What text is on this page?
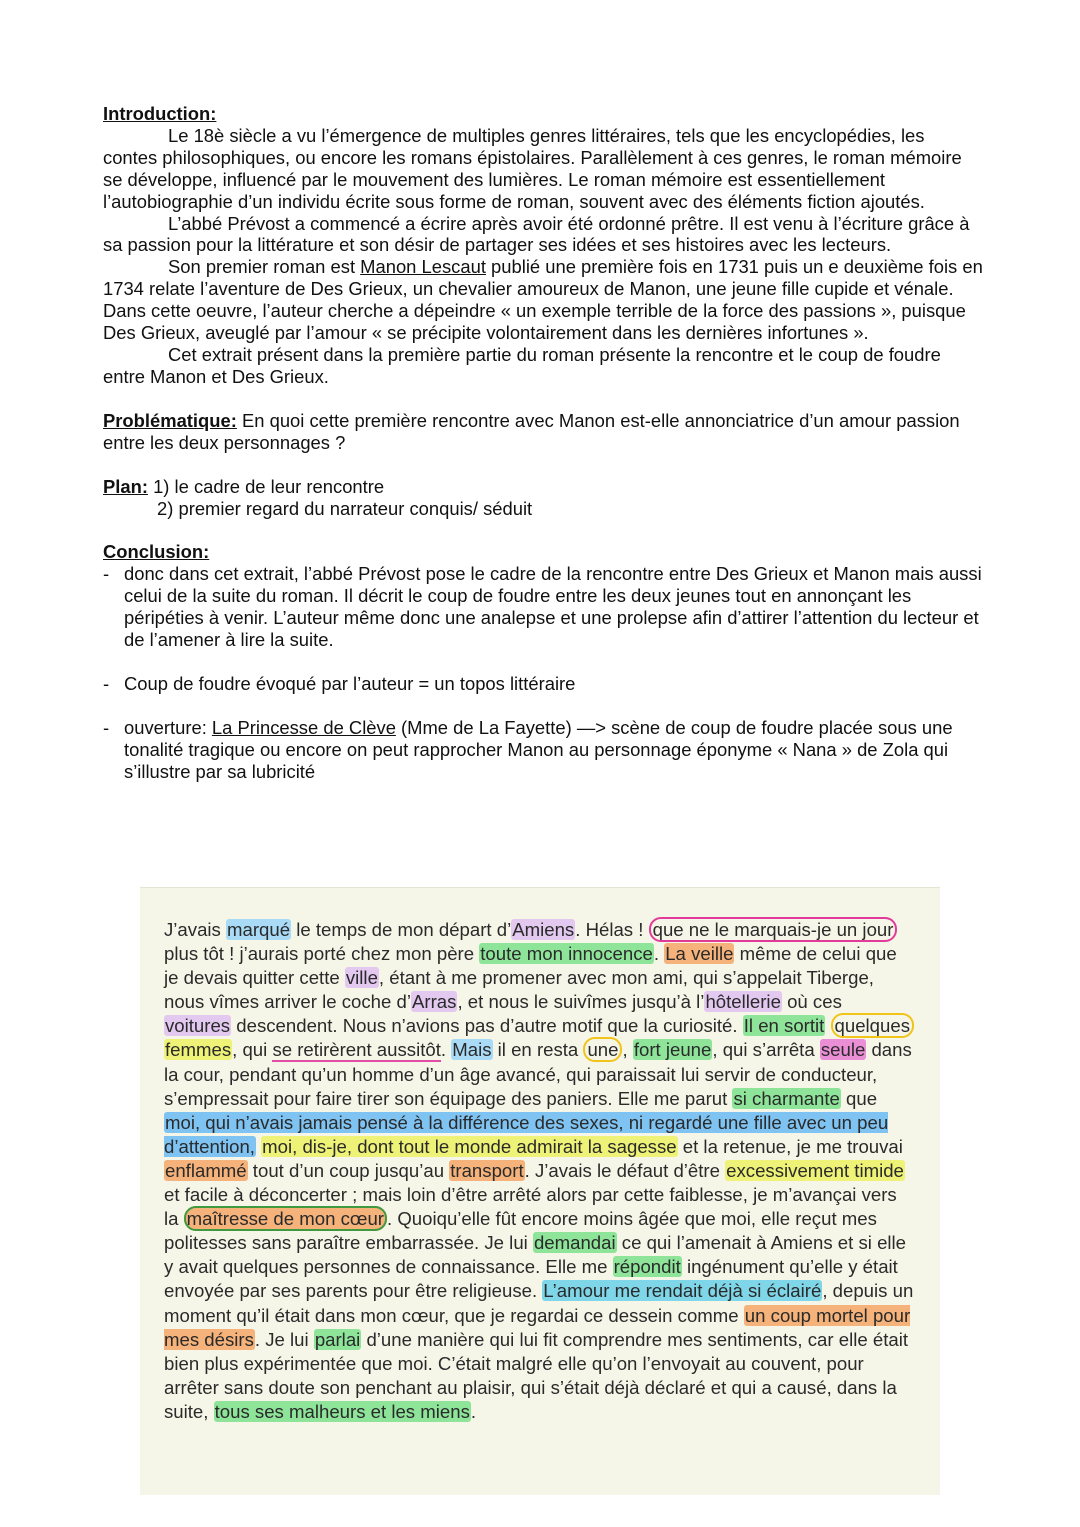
Introduction:

Le 18è siècle a vu l’émergence de multiples genres littéraires, tels que les encyclopédies, les contes philosophiques, ou encore les romans épistolaires. Parallèlement à ces genres, le roman mémoire se développe, influencé par le mouvement des lumières. Le roman mémoire est essentiellement l’autobiographie d’un individu écrite sous forme de roman, souvent avec des éléments fiction ajoutés.

L’abbé Prévost a commencé a écrire après avoir été ordonné prêtre. Il est venu à l’écriture grâce à sa passion pour la littérature et son désir de partager ses idées et ses histoires avec les lecteurs.

Son premier roman est Manon Lescaut publié une première fois en 1731 puis un e deuxième fois en 1734 relate l’aventure de Des Grieux, un chevalier amoureux de Manon, une jeune fille cupide et vénale. Dans cette oeuvre, l’auteur cherche a dépeindre « un exemple terrible de la force des passions », puisque Des Grieux, aveuglé par l’amour « se précipite volontairement dans les dernières infortunes ».

Cet extrait présent dans la première partie du roman présente la rencontre et le coup de foudre entre Manon et Des Grieux.

Problématique: En quoi cette première rencontre avec Manon est-elle annonciatrice d’un amour passion entre les deux personnages ?

Plan: 1) le cadre de leur rencontre

2) premier regard du narrateur conquis/ séduit

Conclusion:
- donc dans cet extrait, l’abbé Prévost pose le cadre de la rencontre entre Des Grieux et Manon mais aussi celui de la suite du roman. Il décrit le coup de foudre entre les deux jeunes tout en annonçant les péripéties à venir. L’auteur même donc une analepse et une prolepse afin d’attirer l’attention du lecteur et de l’amener à lire la suite.
- Coup de foudre évoqué par l’auteur = un topos littéraire
- ouverture: La Princesse de Clève (Mme de La Fayette) —> scène de coup de foudre placée sous une tonalité tragique ou encore on peut rapprocher Manon au personnage éponyme « Nana » de Zola qui s’illustre par sa lubricité
J’avais marqué le temps de mon départ d’Amiens. Hélas ! que ne le marquais-je un jour plus tôt ! j’aurais porté chez mon père toute mon innocence. La veille même de celui que je devais quitter cette ville, étant à me promener avec mon ami, qui s’appelait Tiberge, nous vîmes arriver le coche d’Arras, et nous le suivîmes jusqu’à l’hôtellerie où ces voitures descendent. Nous n’avions pas d’autre motif que la curiosité. Il en sortit quelques femmes, qui se retirèrent aussitôt. Mais il en resta une , fort jeune, qui s’arrêta seule dans la cour, pendant qu’un homme d’un âge avancé, qui paraissait lui servir de conducteur, s’empressait pour faire tirer son équipage des paniers. Elle me parut si charmante que moi, qui n’avais jamais pensé à la différence des sexes, ni regardé une fille avec un peu d’attention, moi, dis-je, dont tout le monde admirait la sagesse et la retenue, je me trouvai enflammé tout d’un coup jusqu’au transport. J’avais le défaut d’être excessivement timide et facile à déconcerter ; mais loin d’être arrêté alors par cette faiblesse, je m’avançai vers la maîtresse de mon cœur . Quoiqu’elle fût encore moins âgée que moi, elle reçut mes politesses sans paraître embarrassée. Je lui demandai ce qui l’amenait à Amiens et si elle y avait quelques personnes de connaissance. Elle me répondit ingénument qu’elle y était envoyée par ses parents pour être religieuse. L’amour me rendait déjà si éclairé, depuis un moment qu’il était dans mon cœur, que je regardai ce dessein comme un coup mortel pour mes désirs. Je lui parlai d’une manière qui lui fit comprendre mes sentiments, car elle était bien plus expérimentée que moi. C’était malgré elle qu’on l’envoyait au couvent, pour arrêter sans doute son penchant au plaisir, qui s’était déjà déclaré et qui a causé, dans la suite, tous ses malheurs et les miens.
